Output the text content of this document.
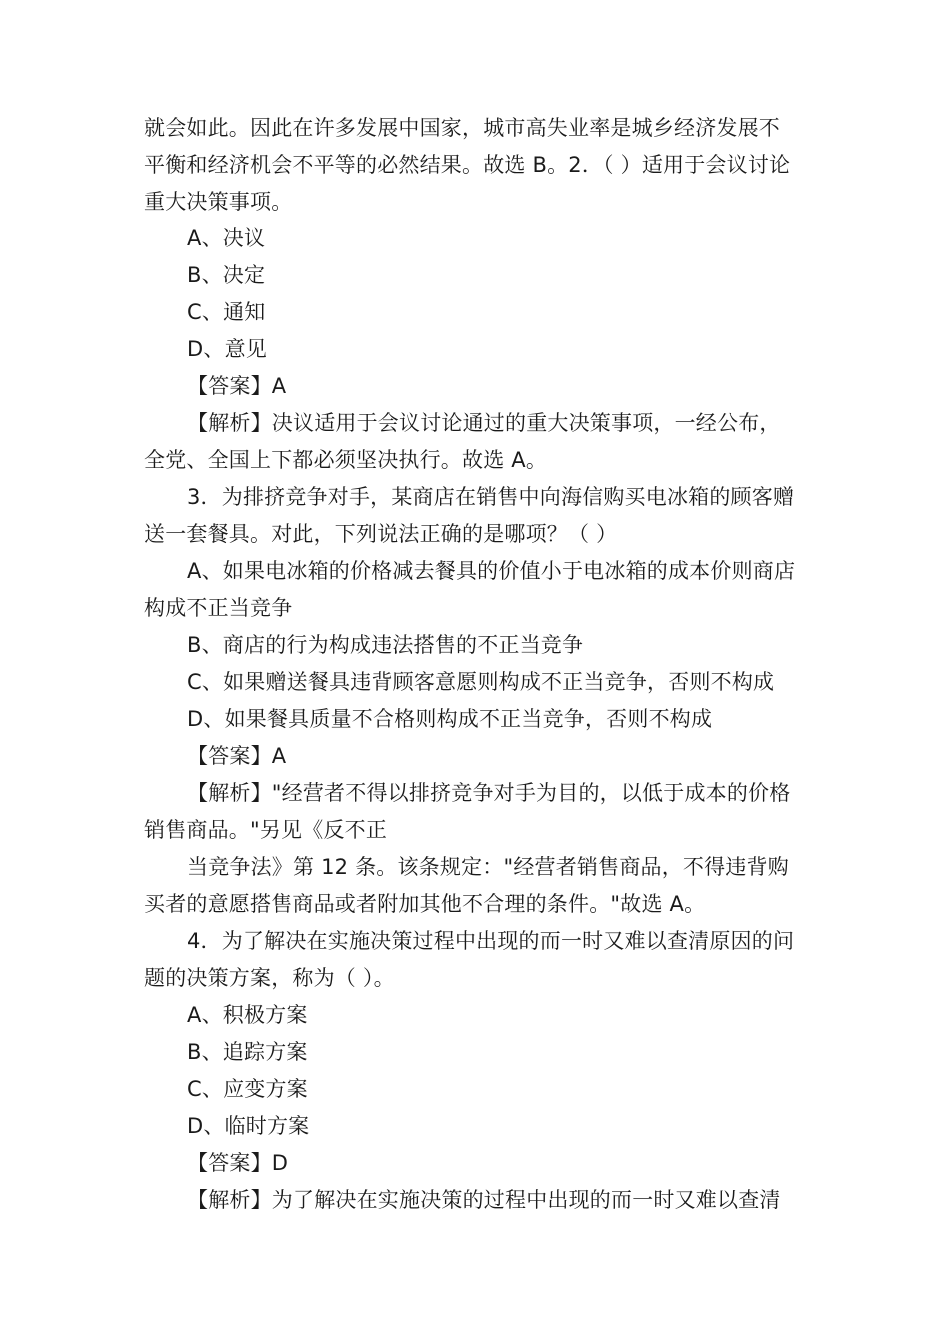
就会如此。因此在许多发展中国家，城市高失业率是城乡经济发展不
平衡和经济机会不平等的必然结果。故选 B。2．（ ）适用于会议讨论
重大决策事项。
A、决议
B、决定
C、通知
D、意见
【答案】A
【解析】决议适用于会议讨论通过的重大决策事项，一经公布，
全党、全国上下都必须坚决执行。故选 A。
3．为排挤竞争对手，某商店在销售中向海信购买电冰箱的顾客赠
送一套餐具。对此，下列说法正确的是哪项？（ ）
A、如果电冰箱的价格减去餐具的价值小于电冰箱的成本价则商店
构成不正当竞争
B、商店的行为构成违法搭售的不正当竞争
C、如果赠送餐具违背顾客意愿则构成不正当竞争，否则不构成
D、如果餐具质量不合格则构成不正当竞争，否则不构成
【答案】A
【解析】"经营者不得以排挤竞争对手为目的，以低于成本的价格
销售商品。"另见《反不正
当竞争法》第 12 条。该条规定："经营者销售商品，不得违背购
买者的意愿搭售商品或者附加其他不合理的条件。"故选 A。
4．为了解决在实施决策过程中出现的而一时又难以查清原因的问
题的决策方案，称为（ ）。
A、积极方案
B、追踪方案
C、应变方案
D、临时方案
【答案】D
【解析】为了解决在实施决策的过程中出现的而一时又难以查清
